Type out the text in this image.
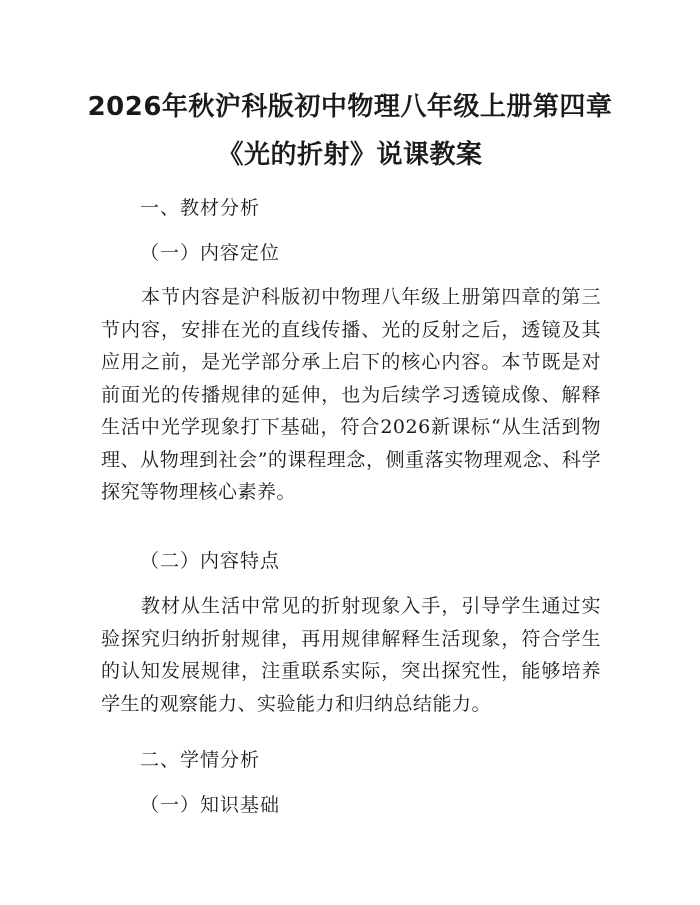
2026年秋沪科版初中物理八年级上册第四章
《光的折射》说课教案
一、教材分析
（一）内容定位
本节内容是沪科版初中物理八年级上册第四章的第三节内容，安排在光的直线传播、光的反射之后，透镜及其应用之前，是光学部分承上启下的核心内容。本节既是对前面光的传播规律的延伸，也为后续学习透镜成像、解释生活中光学现象打下基础，符合2026新课标“从生活到物理、从物理到社会”的课程理念，侧重落实物理观念、科学探究等物理核心素养。
（二）内容特点
教材从生活中常见的折射现象入手，引导学生通过实验探究归纳折射规律，再用规律解释生活现象，符合学生的认知发展规律，注重联系实际，突出探究性，能够培养学生的观察能力、实验能力和归纳总结能力。
二、学情分析
（一）知识基础
